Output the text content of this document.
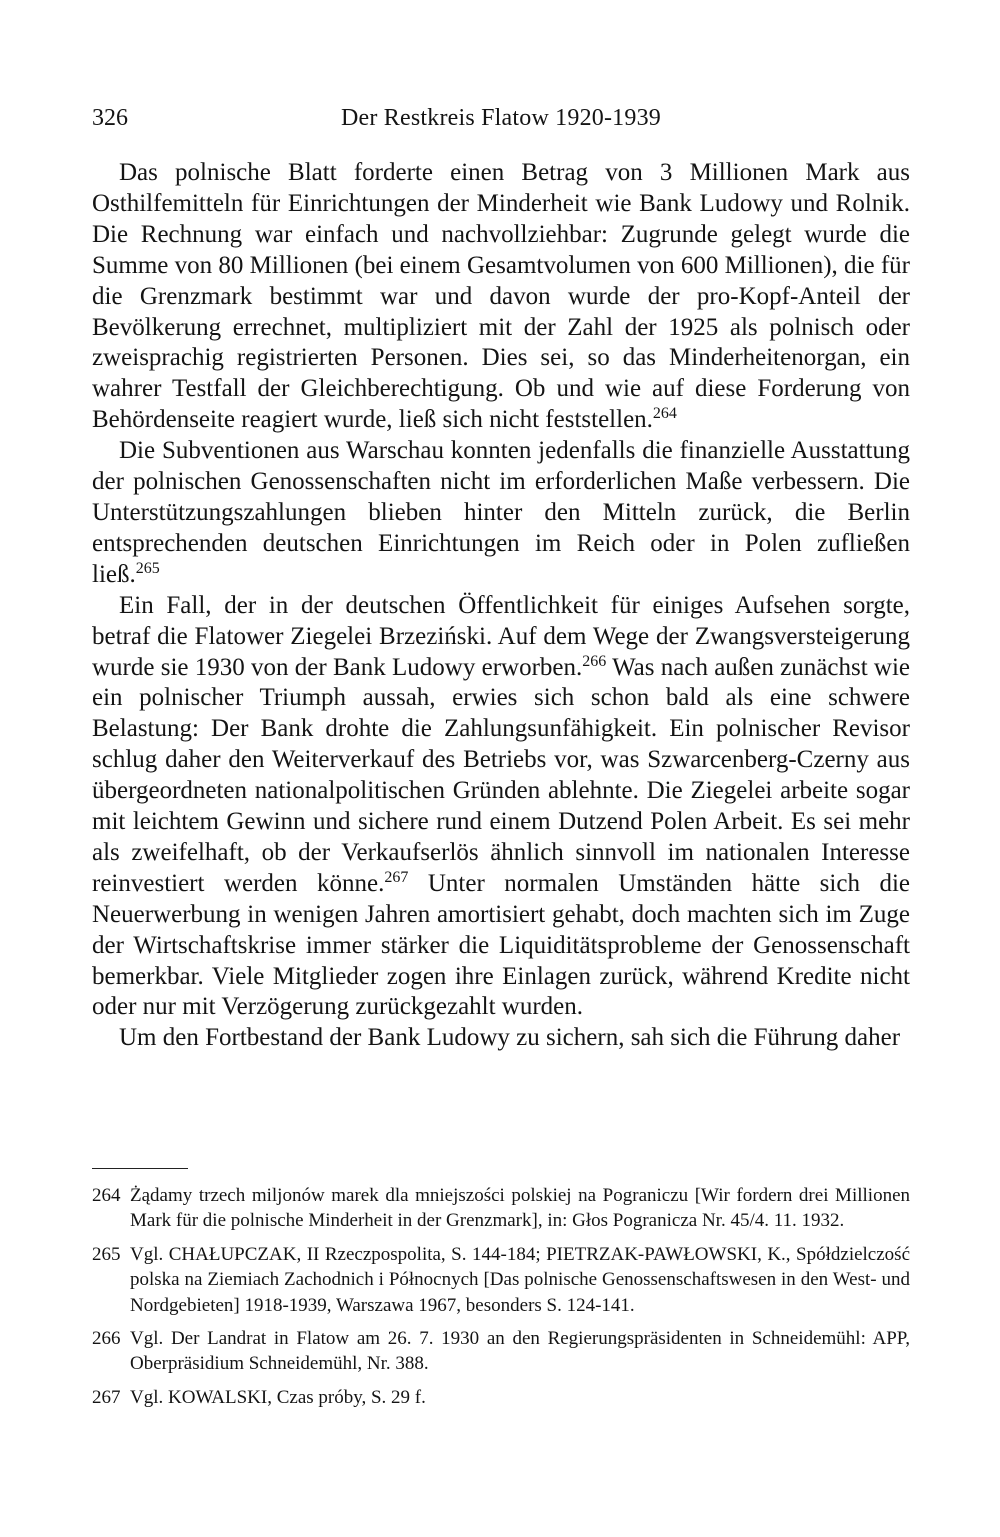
326	Der Restkreis Flatow 1920-1939

Das polnische Blatt forderte einen Betrag von 3 Millionen Mark aus Osthilfemitteln für Einrichtungen der Minderheit wie Bank Ludowy und Rolnik. Die Rechnung war einfach und nachvollziehbar: Zugrunde gelegt wurde die Summe von 80 Millionen (bei einem Gesamtvolumen von 600 Millionen), die für die Grenzmark bestimmt war und davon wurde der pro-Kopf-Anteil der Bevölkerung errechnet, multipliziert mit der Zahl der 1925 als polnisch oder zweisprachig registrierten Personen. Dies sei, so das Minderheitenorgan, ein wahrer Testfall der Gleichberechtigung. Ob und wie auf diese Forderung von Behördenseite reagiert wurde, ließ sich nicht feststellen.$^{264}$

Die Subventionen aus Warschau konnten jedenfalls die finanzielle Ausstattung der polnischen Genossenschaften nicht im erforderlichen Maße verbessern. Die Unterstützungszahlungen blieben hinter den Mitteln zurück, die Berlin entsprechenden deutschen Einrichtungen im Reich oder in Polen zufließen ließ.$^{265}$

Ein Fall, der in der deutschen Öffentlichkeit für einiges Aufsehen sorgte, betraf die Flatower Ziegelei Brzeziński. Auf dem Wege der Zwangsversteigerung wurde sie 1930 von der Bank Ludowy erworben.$^{266}$ Was nach außen zunächst wie ein polnischer Triumph aussah, erwies sich schon bald als eine schwere Belastung: Der Bank drohte die Zahlungsunfähigkeit. Ein polnischer Revisor schlug daher den Weiterverkauf des Betriebs vor, was Szwarcenberg-Czerny aus übergeordneten nationalpolitischen Gründen ablehnte. Die Ziegelei arbeite sogar mit leichtem Gewinn und sichere rund einem Dutzend Polen Arbeit. Es sei mehr als zweifelhaft, ob der Verkaufserlös ähnlich sinnvoll im nationalen Interesse reinvestiert werden könne.$^{267}$ Unter normalen Umständen hätte sich die Neuerwerbung in wenigen Jahren amortisiert gehabt, doch machten sich im Zuge der Wirtschaftskrise immer stärker die Liquiditätsprobleme der Genossenschaft bemerkbar. Viele Mitglieder zogen ihre Einlagen zurück, während Kredite nicht oder nur mit Verzögerung zurückgezahlt wurden.

Um den Fortbestand der Bank Ludowy zu sichern, sah sich die Führung daher

264 Żądamy trzech miljonów marek dla mniejszości polskiej na Pograniczu [Wir fordern drei Millionen Mark für die polnische Minderheit in der Grenzmark], in: Głos Pogranicza Nr. 45/4. 11. 1932.
265 Vgl. CHAŁUPCZAK, II Rzeczpospolita, S. 144-184; PIETRZAK-PAWŁOWSKI, K., Spółdzielczość polska na Ziemiach Zachodnich i Północnych [Das polnische Genossenschaftswesen in den West- und Nordgebieten] 1918-1939, Warszawa 1967, besonders S. 124-141.
266 Vgl. Der Landrat in Flatow am 26. 7. 1930 an den Regierungspräsidenten in Schneidemühl: APP, Oberpräsidium Schneidemühl, Nr. 388.
267 Vgl. KOWALSKI, Czas próby, S. 29 f.
